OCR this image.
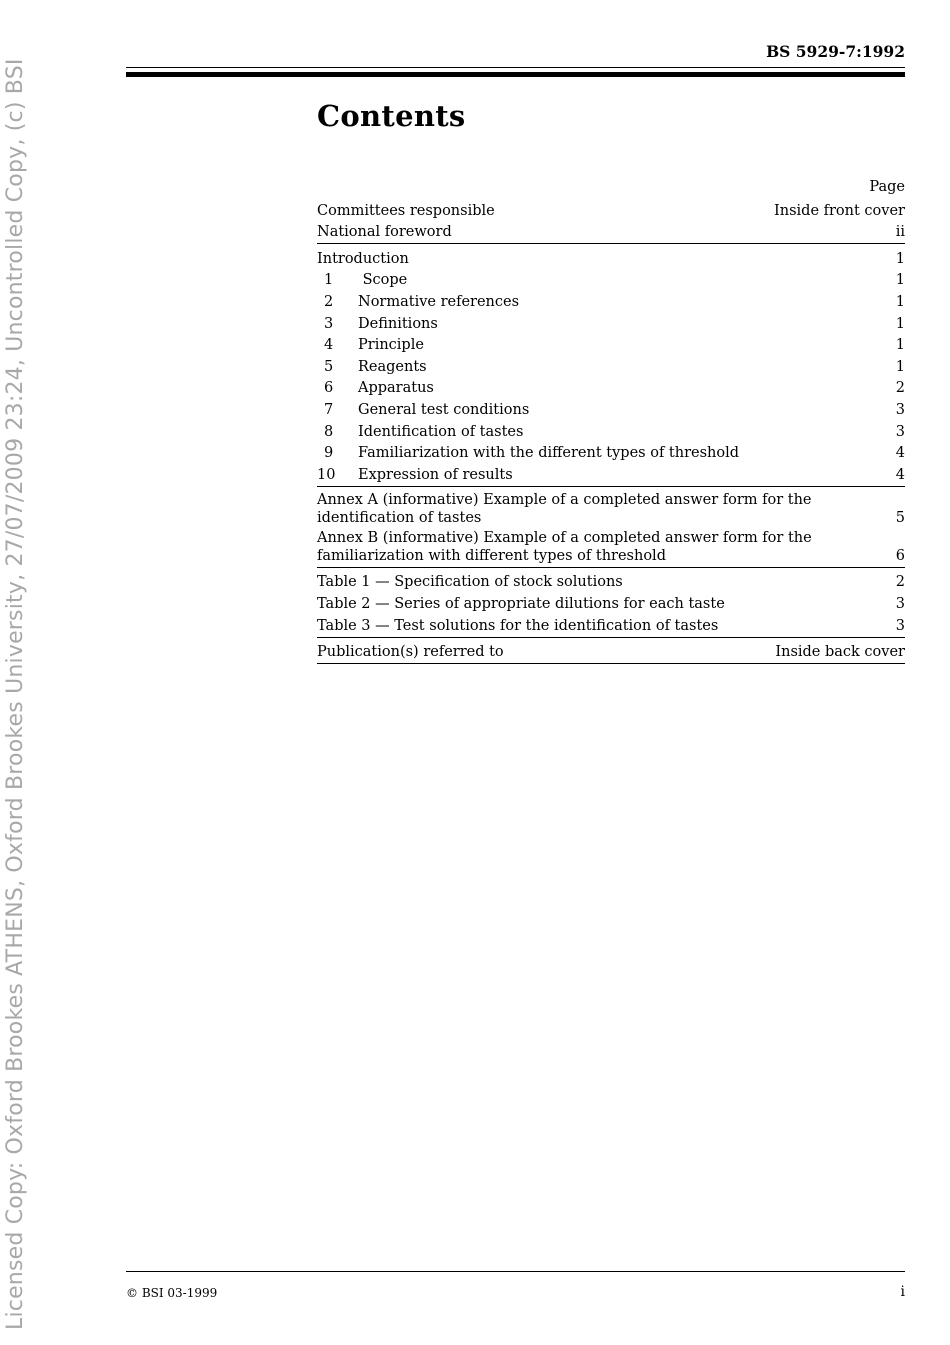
Licensed Copy: Oxford Brookes ATHENS, Oxford Brookes University, 27/07/2009 23:24, Uncontrolled Copy, (c) BSI
BS 5929-7:1992
Contents
Page
Committees responsible	Inside front cover
National foreword	ii
Introduction	1
1 Scope	1
2 Normative references	1
3 Definitions	1
4 Principle	1
5 Reagents	1
6 Apparatus	2
7 General test conditions	3
8 Identification of tastes	3
9 Familiarization with the different types of threshold	4
10 Expression of results	4
Annex A (informative) Example of a completed answer form for the identification of tastes	5
Annex B (informative) Example of a completed answer form for the familiarization with different types of threshold	6
Table 1 — Specification of stock solutions	2
Table 2 — Series of appropriate dilutions for each taste	3
Table 3 — Test solutions for the identification of tastes	3
Publication(s) referred to	Inside back cover
© BSI 03-1999	i
